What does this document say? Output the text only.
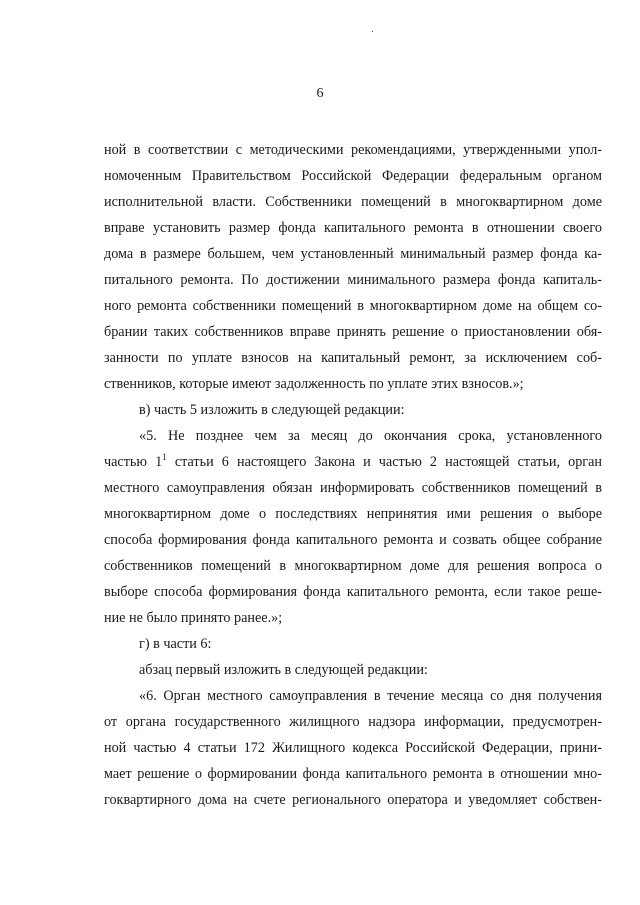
6
ной в соответствии с методическими рекомендациями, утвержденными упол-
номоченным Правительством Российской Федерации федеральным органом
исполнительной власти. Собственники помещений в многоквартирном доме
вправе установить размер фонда капитального ремонта в отношении своего
дома в размере большем, чем установленный минимальный размер фонда ка-
питального ремонта. По достижении минимального размера фонда капиталь-
ного ремонта собственники помещений в многоквартирном доме на общем со-
брании таких собственников вправе принять решение о приостановлении обя-
занности по уплате взносов на капитальный ремонт, за исключением соб-
ственников, которые имеют задолженность по уплате этих взносов.»;
в) часть 5 изложить в следующей редакции:
«5. Не позднее чем за месяц до окончания срока, установленного
частью $1^1$ статьи 6 настоящего Закона и частью 2 настоящей статьи, орган
местного самоуправления обязан информировать собственников помещений в
многоквартирном доме о последствиях непринятия ими решения о выборе
способа формирования фонда капитального ремонта и созвать общее собрание
собственников помещений в многоквартирном доме для решения вопроса о
выборе способа формирования фонда капитального ремонта, если такое реше-
ние не было принято ранее.»;
г) в части 6:
абзац первый изложить в следующей редакции:
«6. Орган местного самоуправления в течение месяца со дня получения
от органа государственного жилищного надзора информации, предусмотрен-
ной частью 4 статьи 172 Жилищного кодекса Российской Федерации, прини-
мает решение о формировании фонда капитального ремонта в отношении мно-
гоквартирного дома на счете регионального оператора и уведомляет собствен-
